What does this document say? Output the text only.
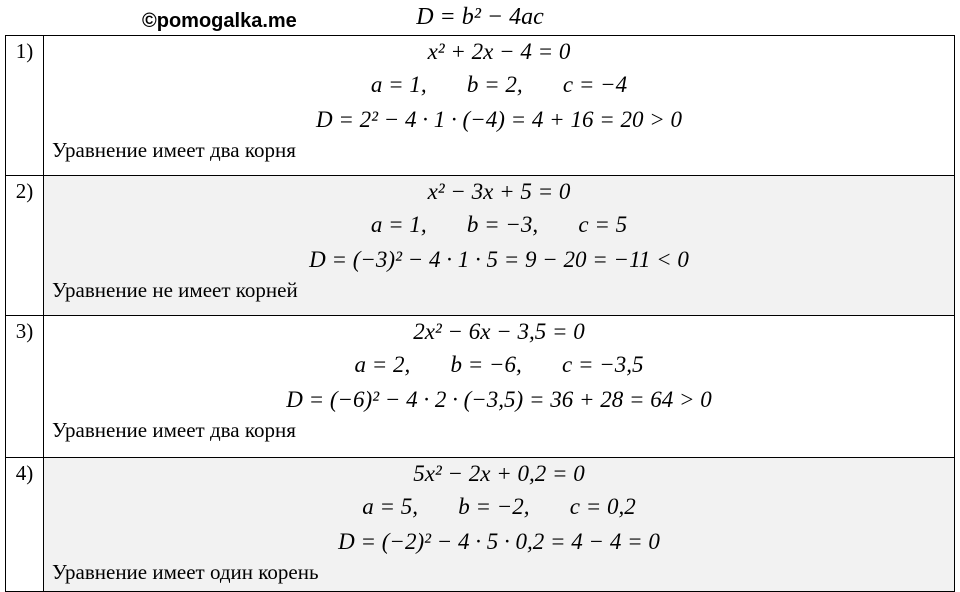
©pomogalka.me	D = b² − 4ac
1)	x² + 2x − 4 = 0
a = 1,       b = 2,       c = −4
D = 2² − 4 · 1 · (−4) = 4 + 16 = 20 > 0
Уравнение имеет два корня

2)	x² − 3x + 5 = 0
a = 1,       b = −3,       c = 5
D = (−3)² − 4 · 1 · 5 = 9 − 20 = −11 < 0
Уравнение не имеет корней

3)	2x² − 6x − 3,5 = 0
a = 2,       b = −6,       c = −3,5
D = (−6)² − 4 · 2 · (−3,5) = 36 + 28 = 64 > 0
Уравнение имеет два корня

4)	5x² − 2x + 0,2 = 0
a = 5,       b = −2,       c = 0,2
D = (−2)² − 4 · 5 · 0,2 = 4 − 4 = 0
Уравнение имеет один корень
